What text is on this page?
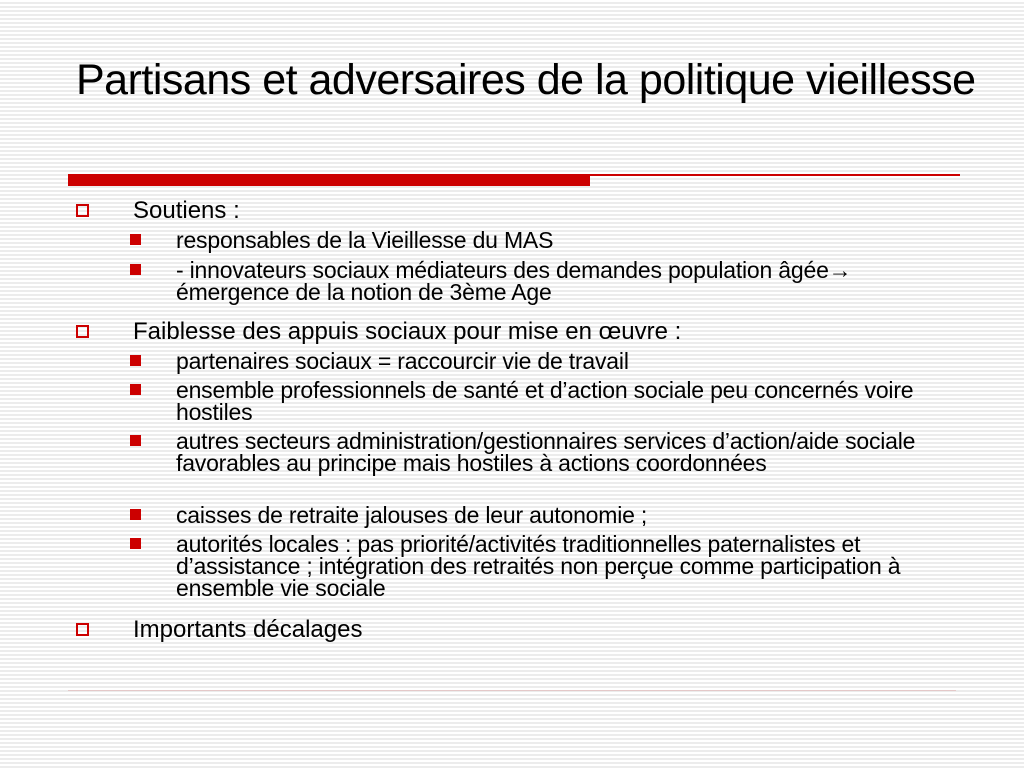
Partisans et adversaires de la politique vieillesse
Soutiens :
responsables de la Vieillesse du MAS
- innovateurs sociaux médiateurs des demandes population âgée→ émergence de la notion de 3ème Age
Faiblesse des appuis sociaux pour mise en œuvre :
partenaires sociaux = raccourcir vie de travail
ensemble professionnels de santé et d’action sociale peu concernés voire hostiles
autres secteurs administration/gestionnaires services d’action/aide sociale favorables au principe mais hostiles à actions coordonnées
caisses de retraite jalouses de leur autonomie ;
autorités locales : pas priorité/activités traditionnelles paternalistes et d’assistance ; intégration des retraités non perçue comme participation à ensemble vie sociale
Importants décalages
